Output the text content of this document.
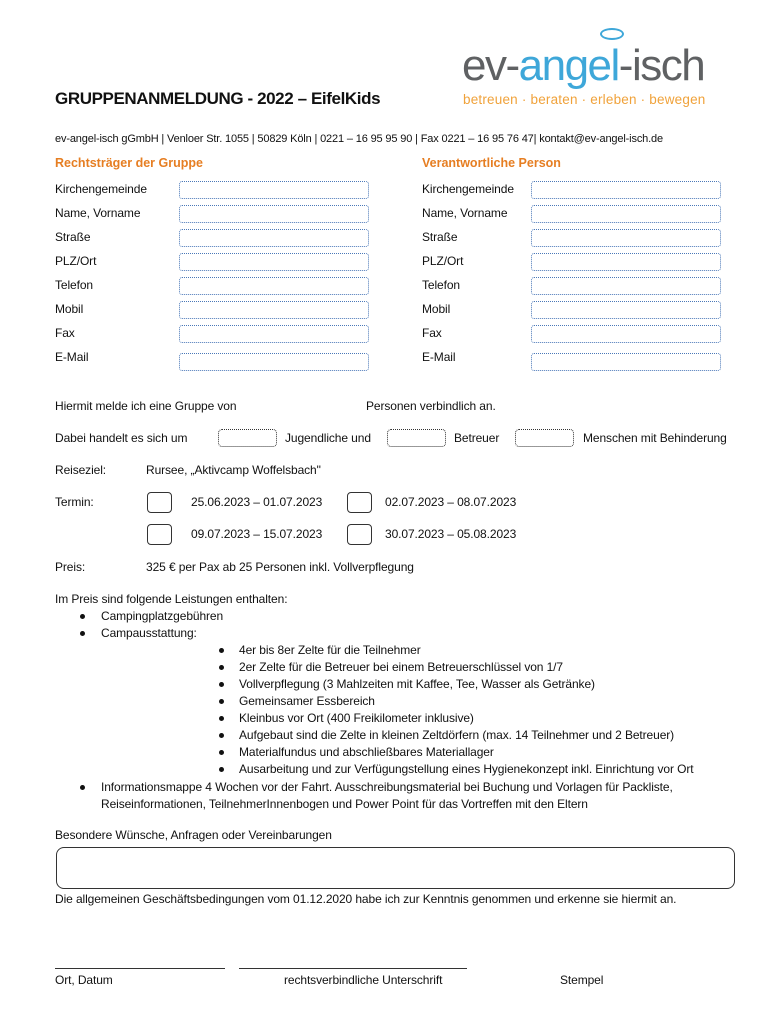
ev-angel-isch
betreuen · beraten · erleben · bewegen
GRUPPENANMELDUNG - 2022 – EifelKids
ev-angel-isch gGmbH | Venloer Str. 1055 | 50829 Köln | 0221 – 16 95 95 90 | Fax 0221 – 16 95 76 47| kontakt@ev-angel-isch.de
Rechtsträger der Gruppe
Kirchengemeinde
Name, Vorname
Straße
PLZ/Ort
Telefon
Mobil
Fax
E-Mail
Verantwortliche Person
Kirchengemeinde
Name, Vorname
Straße
PLZ/Ort
Telefon
Mobil
Fax
E-Mail
Hiermit melde ich eine Gruppe von	Personen verbindlich an.
Dabei handelt es sich um	Jugendliche und	Betreuer	Menschen mit Behinderung
Reiseziel:	Rursee, „Aktivcamp Woffelsbach"
Termin:	25.06.2023 – 01.07.2023	02.07.2023 – 08.07.2023
09.07.2023 – 15.07.2023	30.07.2023 – 05.08.2023
Preis:	325 € per Pax ab 25 Personen inkl. Vollverpflegung
Im Preis sind folgende Leistungen enthalten:
Campingplatzgebühren
Campausstattung:
4er bis 8er Zelte für die Teilnehmer
2er Zelte für die Betreuer bei einem Betreuerschlüssel von 1/7
Vollverpflegung (3 Mahlzeiten mit Kaffee, Tee, Wasser als Getränke)
Gemeinsamer Essbereich
Kleinbus vor Ort (400 Freikilometer inklusive)
Aufgebaut sind die Zelte in kleinen Zeltdörfern (max. 14 Teilnehmer und 2 Betreuer)
Materialfundus und abschließbares Materiallager
Ausarbeitung und zur Verfügungstellung eines Hygienekonzept inkl. Einrichtung vor Ort
Informationsmappe 4 Wochen vor der Fahrt. Ausschreibungsmaterial bei Buchung und Vorlagen für Packliste,
Reiseinformationen, TeilnehmerInnenbogen und Power Point für das Vortreffen mit den Eltern
Besondere Wünsche, Anfragen oder Vereinbarungen
Die allgemeinen Geschäftsbedingungen vom 01.12.2020 habe ich zur Kenntnis genommen und erkenne sie hiermit an.
Ort, Datum	rechtsverbindliche Unterschrift	Stempel
